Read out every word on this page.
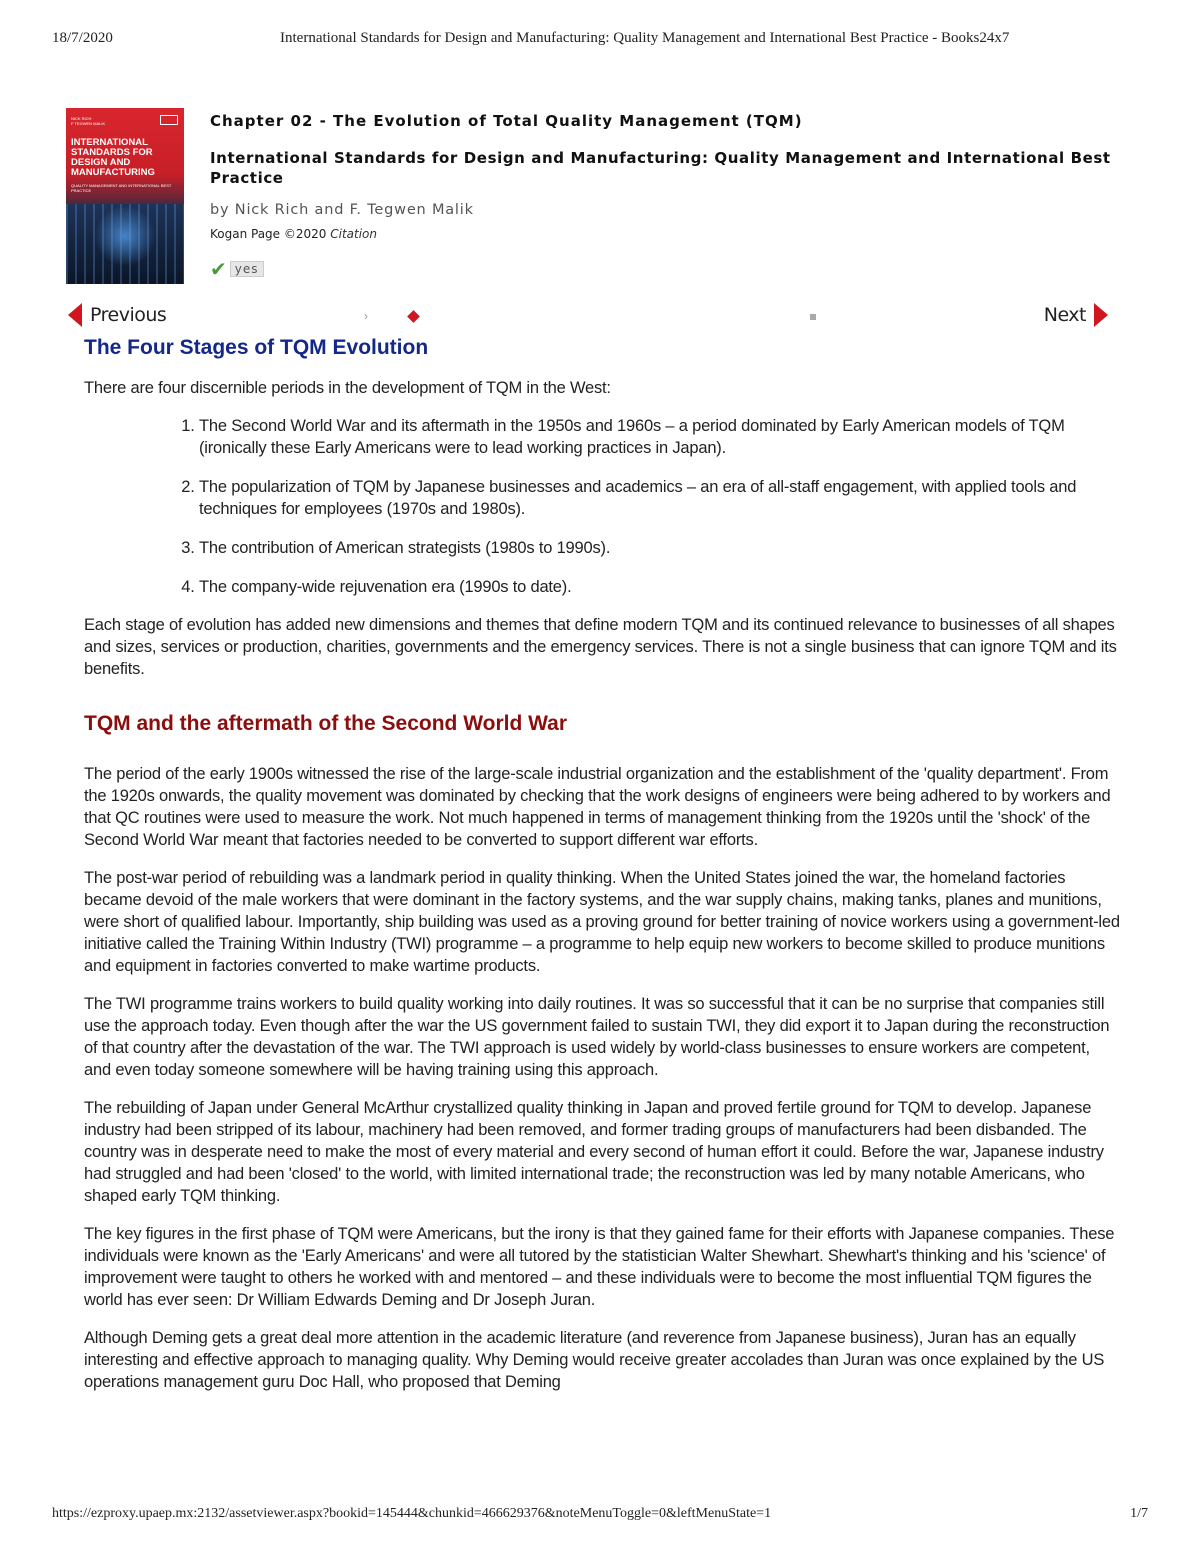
18/7/2020	International Standards for Design and Manufacturing: Quality Management and International Best Practice - Books24x7
NICK RICH
F TEGWEN MALIK
INTERNATIONAL STANDARDS FOR DESIGN AND MANUFACTURING
QUALITY MANAGEMENT AND INTERNATIONAL BEST PRACTICE
Chapter 02 - The Evolution of Total Quality Management (TQM)
International Standards for Design and Manufacturing: Quality Management and International Best Practice
by Nick Rich and F. Tegwen Malik
Kogan Page ©2020 Citation
✔ yes
Previous	›	Next
The Four Stages of TQM Evolution

There are four discernible periods in the development of TQM in the West:

1. The Second World War and its aftermath in the 1950s and 1960s – a period dominated by Early American models of TQM (ironically these Early Americans were to lead working practices in Japan).
2. The popularization of TQM by Japanese businesses and academics – an era of all-staff engagement, with applied tools and techniques for employees (1970s and 1980s).
3. The contribution of American strategists (1980s to 1990s).
4. The company-wide rejuvenation era (1990s to date).

Each stage of evolution has added new dimensions and themes that define modern TQM and its continued relevance to businesses of all shapes and sizes, services or production, charities, governments and the emergency services. There is not a single business that can ignore TQM and its benefits.

TQM and the aftermath of the Second World War

The period of the early 1900s witnessed the rise of the large-scale industrial organization and the establishment of the 'quality department'. From the 1920s onwards, the quality movement was dominated by checking that the work designs of engineers were being adhered to by workers and that QC routines were used to measure the work. Not much happened in terms of management thinking from the 1920s until the 'shock' of the Second World War meant that factories needed to be converted to support different war efforts.

The post-war period of rebuilding was a landmark period in quality thinking. When the United States joined the war, the homeland factories became devoid of the male workers that were dominant in the factory systems, and the war supply chains, making tanks, planes and munitions, were short of qualified labour. Importantly, ship building was used as a proving ground for better training of novice workers using a government-led initiative called the Training Within Industry (TWI) programme – a programme to help equip new workers to become skilled to produce munitions and equipment in factories converted to make wartime products.

The TWI programme trains workers to build quality working into daily routines. It was so successful that it can be no surprise that companies still use the approach today. Even though after the war the US government failed to sustain TWI, they did export it to Japan during the reconstruction of that country after the devastation of the war. The TWI approach is used widely by world-class businesses to ensure workers are competent, and even today someone somewhere will be having training using this approach.

The rebuilding of Japan under General McArthur crystallized quality thinking in Japan and proved fertile ground for TQM to develop. Japanese industry had been stripped of its labour, machinery had been removed, and former trading groups of manufacturers had been disbanded. The country was in desperate need to make the most of every material and every second of human effort it could. Before the war, Japanese industry had struggled and had been 'closed' to the world, with limited international trade; the reconstruction was led by many notable Americans, who shaped early TQM thinking.

The key figures in the first phase of TQM were Americans, but the irony is that they gained fame for their efforts with Japanese companies. These individuals were known as the 'Early Americans' and were all tutored by the statistician Walter Shewhart. Shewhart's thinking and his 'science' of improvement were taught to others he worked with and mentored – and these individuals were to become the most influential TQM figures the world has ever seen: Dr William Edwards Deming and Dr Joseph Juran.

Although Deming gets a great deal more attention in the academic literature (and reverence from Japanese business), Juran has an equally interesting and effective approach to managing quality. Why Deming would receive greater accolades than Juran was once explained by the US operations management guru Doc Hall, who proposed that Deming

https://ezproxy.upaep.mx:2132/assetviewer.aspx?bookid=145444&chunkid=466629376&noteMenuToggle=0&leftMenuState=1	1/7
